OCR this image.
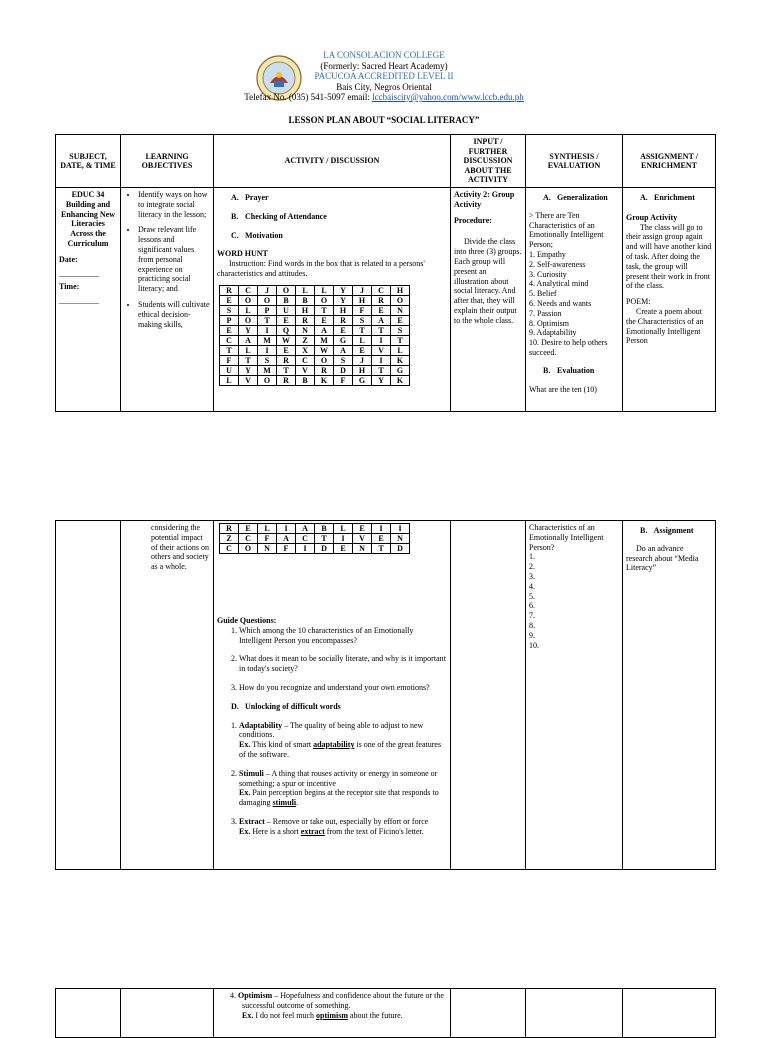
LA CONSOLACION COLLEGE
(Formerly: Sacred Heart Academy)
PACUCOA ACCREDITED LEVEL II
Bais City, Negros Oriental
Telefax No. (035) 541-5097 email: lccbaiscity@yahoo.com/www.lccb.edu.ph
LESSON PLAN ABOUT “SOCIAL LITERACY”
SUBJECT, DATE, & TIME	LEARNING OBJECTIVES	ACTIVITY / DISCUSSION	INPUT / FURTHER DISCUSSION ABOUT THE ACTIVITY	SYNTHESIS / EVALUATION	ASSIGNMENT / ENRICHMENT

EDUC 34 Building and Enhancing New Literacies Across the Curriculum
Date:
__________
Time:
__________

• Identify ways on how to integrate social literacy in the lesson;
• Draw relevant life lessons and significant values from personal experience on practicing social literacy; and
• Students will cultivate ethical decision-making skills,

A. Prayer
B. Checking of Attendance
C. Motivation
WORD HUNT
Instruction: Find words in the box that is related to a persons' characteristics and attitudes.
R	C	J	O	L	L	Y	J	C	H
E	O	O	B	B	O	Y	H	R	O
S	L	P	U	H	T	H	F	E	N
P	O	T	E	R	E	R	S	A	E
E	Y	I	Q	N	A	E	T	T	S
C	A	M	W	Z	M	G	L	I	T
T	L	I	E	X	W	A	E	V	L
F	T	S	R	C	O	S	J	I	K
U	Y	M	T	V	R	D	H	T	G
L	V	O	R	B	K	F	G	Y	K

Activity 2: Group Activity
Procedure:
Divide the class into three (3) groups. Each group will present an illustration about social literacy. And after that, they will explain their output to the whole class.

A. Generalization
> There are Ten Characteristics of an Emotionally Intelligent Person;
1. Empathy
2. Self-awareness
3. Curiosity
4. Analytical mind
5. Belief
6. Needs and wants
7. Passion
8. Optimism
9. Adaptability
10. Desire to help others succeed.
B. Evaluation
What are the ten (10)

A. Enrichment
Group Activity
The class will go to their assign group again and will have another kind of task. After doing the task, the group will present their work in front of the class.
POEM:
Create a poem about the Characteristics of an Emotionally Intelligent Person

considering the potential impact of their actions on others and society as a whole.

R	E	L	I	A	B	L	E	I	I
Z	C	F	A	C	T	I	V	E	N
C	O	N	F	I	D	E	N	T	D
Guide Questions:
1. Which among the 10 characteristics of an Emotionally Intelligent Person you encompasses?
2. What does it mean to be socially literate, and why is it important in today's society?
3. How do you recognize and understand your own emotions?
D. Unlocking of difficult words
1. Adaptability – The quality of being able to adjust to new conditions.
Ex. This kind of smart adaptability is one of the great features of the software.
2. Stimuli – A thing that rouses activity or energy in someone or something; a spur or incentive
Ex. Pain perception begins at the receptor site that responds to damaging stimuli.
3. Extract – Remove or take out, especially by effort or force
Ex. Here is a short extract from the text of Ficino's letter.

Characteristics of an Emotionally Intelligent Person?
1.
2.
3.
4.
5.
6.
7.
8.
9.
10.

B. Assignment
Do an advance research about “Media Literacy”

4. Optimism – Hopefulness and confidence about the future or the successful outcome of something.
Ex. I do not feel much optimism about the future.
